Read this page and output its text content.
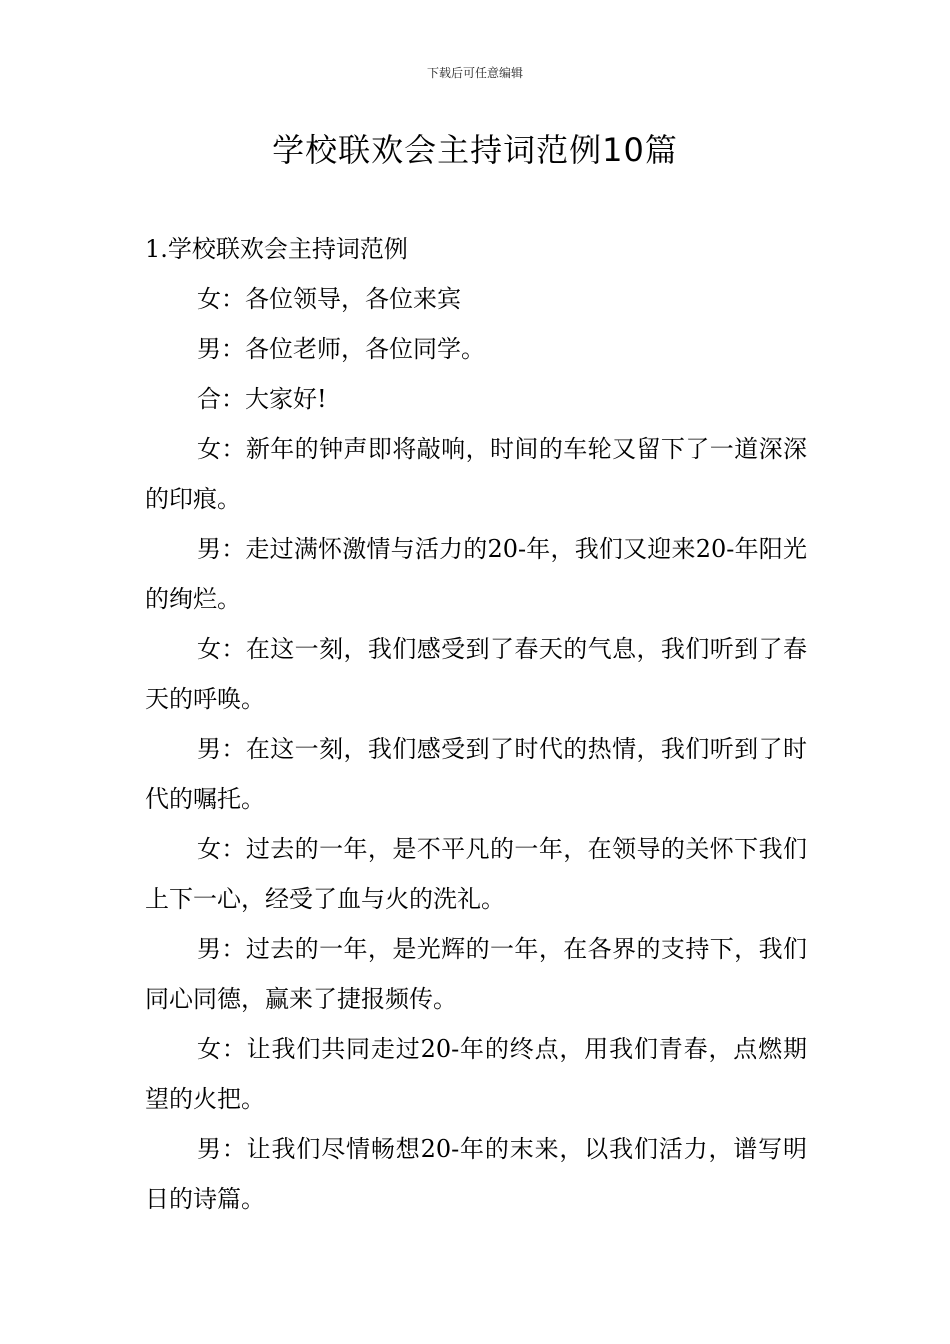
下载后可任意编辑
学校联欢会主持词范例10篇
1.学校联欢会主持词范例

女：各位领导，各位来宾

男：各位老师，各位同学。

合：大家好!

女：新年的钟声即将敲响，时间的车轮又留下了一道深深的印痕。

男：走过满怀激情与活力的20-年，我们又迎来20-年阳光的绚烂。

女：在这一刻，我们感受到了春天的气息，我们听到了春天的呼唤。

男：在这一刻，我们感受到了时代的热情，我们听到了时代的嘱托。

女：过去的一年，是不平凡的一年，在领导的关怀下我们上下一心，经受了血与火的洗礼。

男：过去的一年，是光辉的一年，在各界的支持下，我们同心同德，赢来了捷报频传。

女：让我们共同走过20-年的终点，用我们青春，点燃期望的火把。

男：让我们尽情畅想20-年的末来，以我们活力，谱写明日的诗篇。
